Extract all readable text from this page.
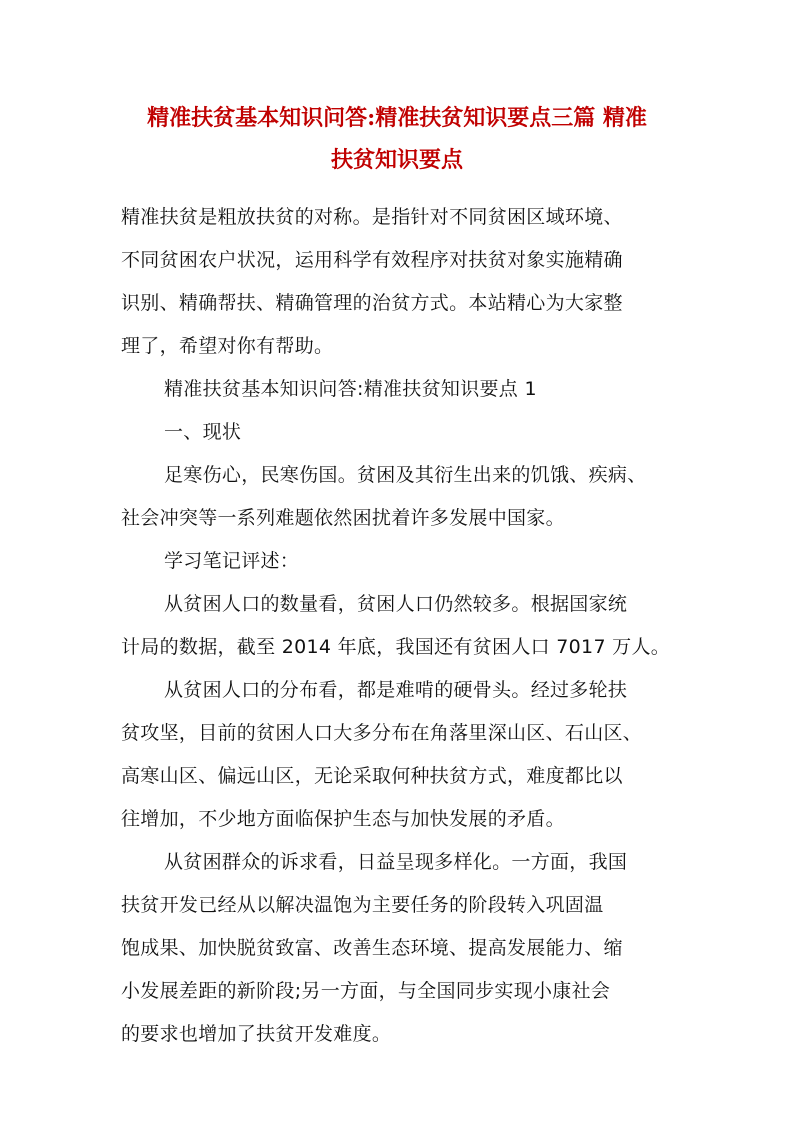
精准扶贫基本知识问答:精准扶贫知识要点三篇 精准
扶贫知识要点
精准扶贫是粗放扶贫的对称。是指针对不同贫困区域环境、
不同贫困农户状况，运用科学有效程序对扶贫对象实施精确
识别、精确帮扶、精确管理的治贫方式。本站精心为大家整
理了，希望对你有帮助。
精准扶贫基本知识问答:精准扶贫知识要点 1
一、现状
足寒伤心，民寒伤国。贫困及其衍生出来的饥饿、疾病、
社会冲突等一系列难题依然困扰着许多发展中国家。
学习笔记评述：
从贫困人口的数量看，贫困人口仍然较多。根据国家统
计局的数据，截至 2014 年底，我国还有贫困人口 7017 万人。
从贫困人口的分布看，都是难啃的硬骨头。经过多轮扶
贫攻坚，目前的贫困人口大多分布在角落里深山区、石山区、
高寒山区、偏远山区，无论采取何种扶贫方式，难度都比以
往增加，不少地方面临保护生态与加快发展的矛盾。
从贫困群众的诉求看，日益呈现多样化。一方面，我国
扶贫开发已经从以解决温饱为主要任务的阶段转入巩固温
饱成果、加快脱贫致富、改善生态环境、提高发展能力、缩
小发展差距的新阶段;另一方面，与全国同步实现小康社会
的要求也增加了扶贫开发难度。
